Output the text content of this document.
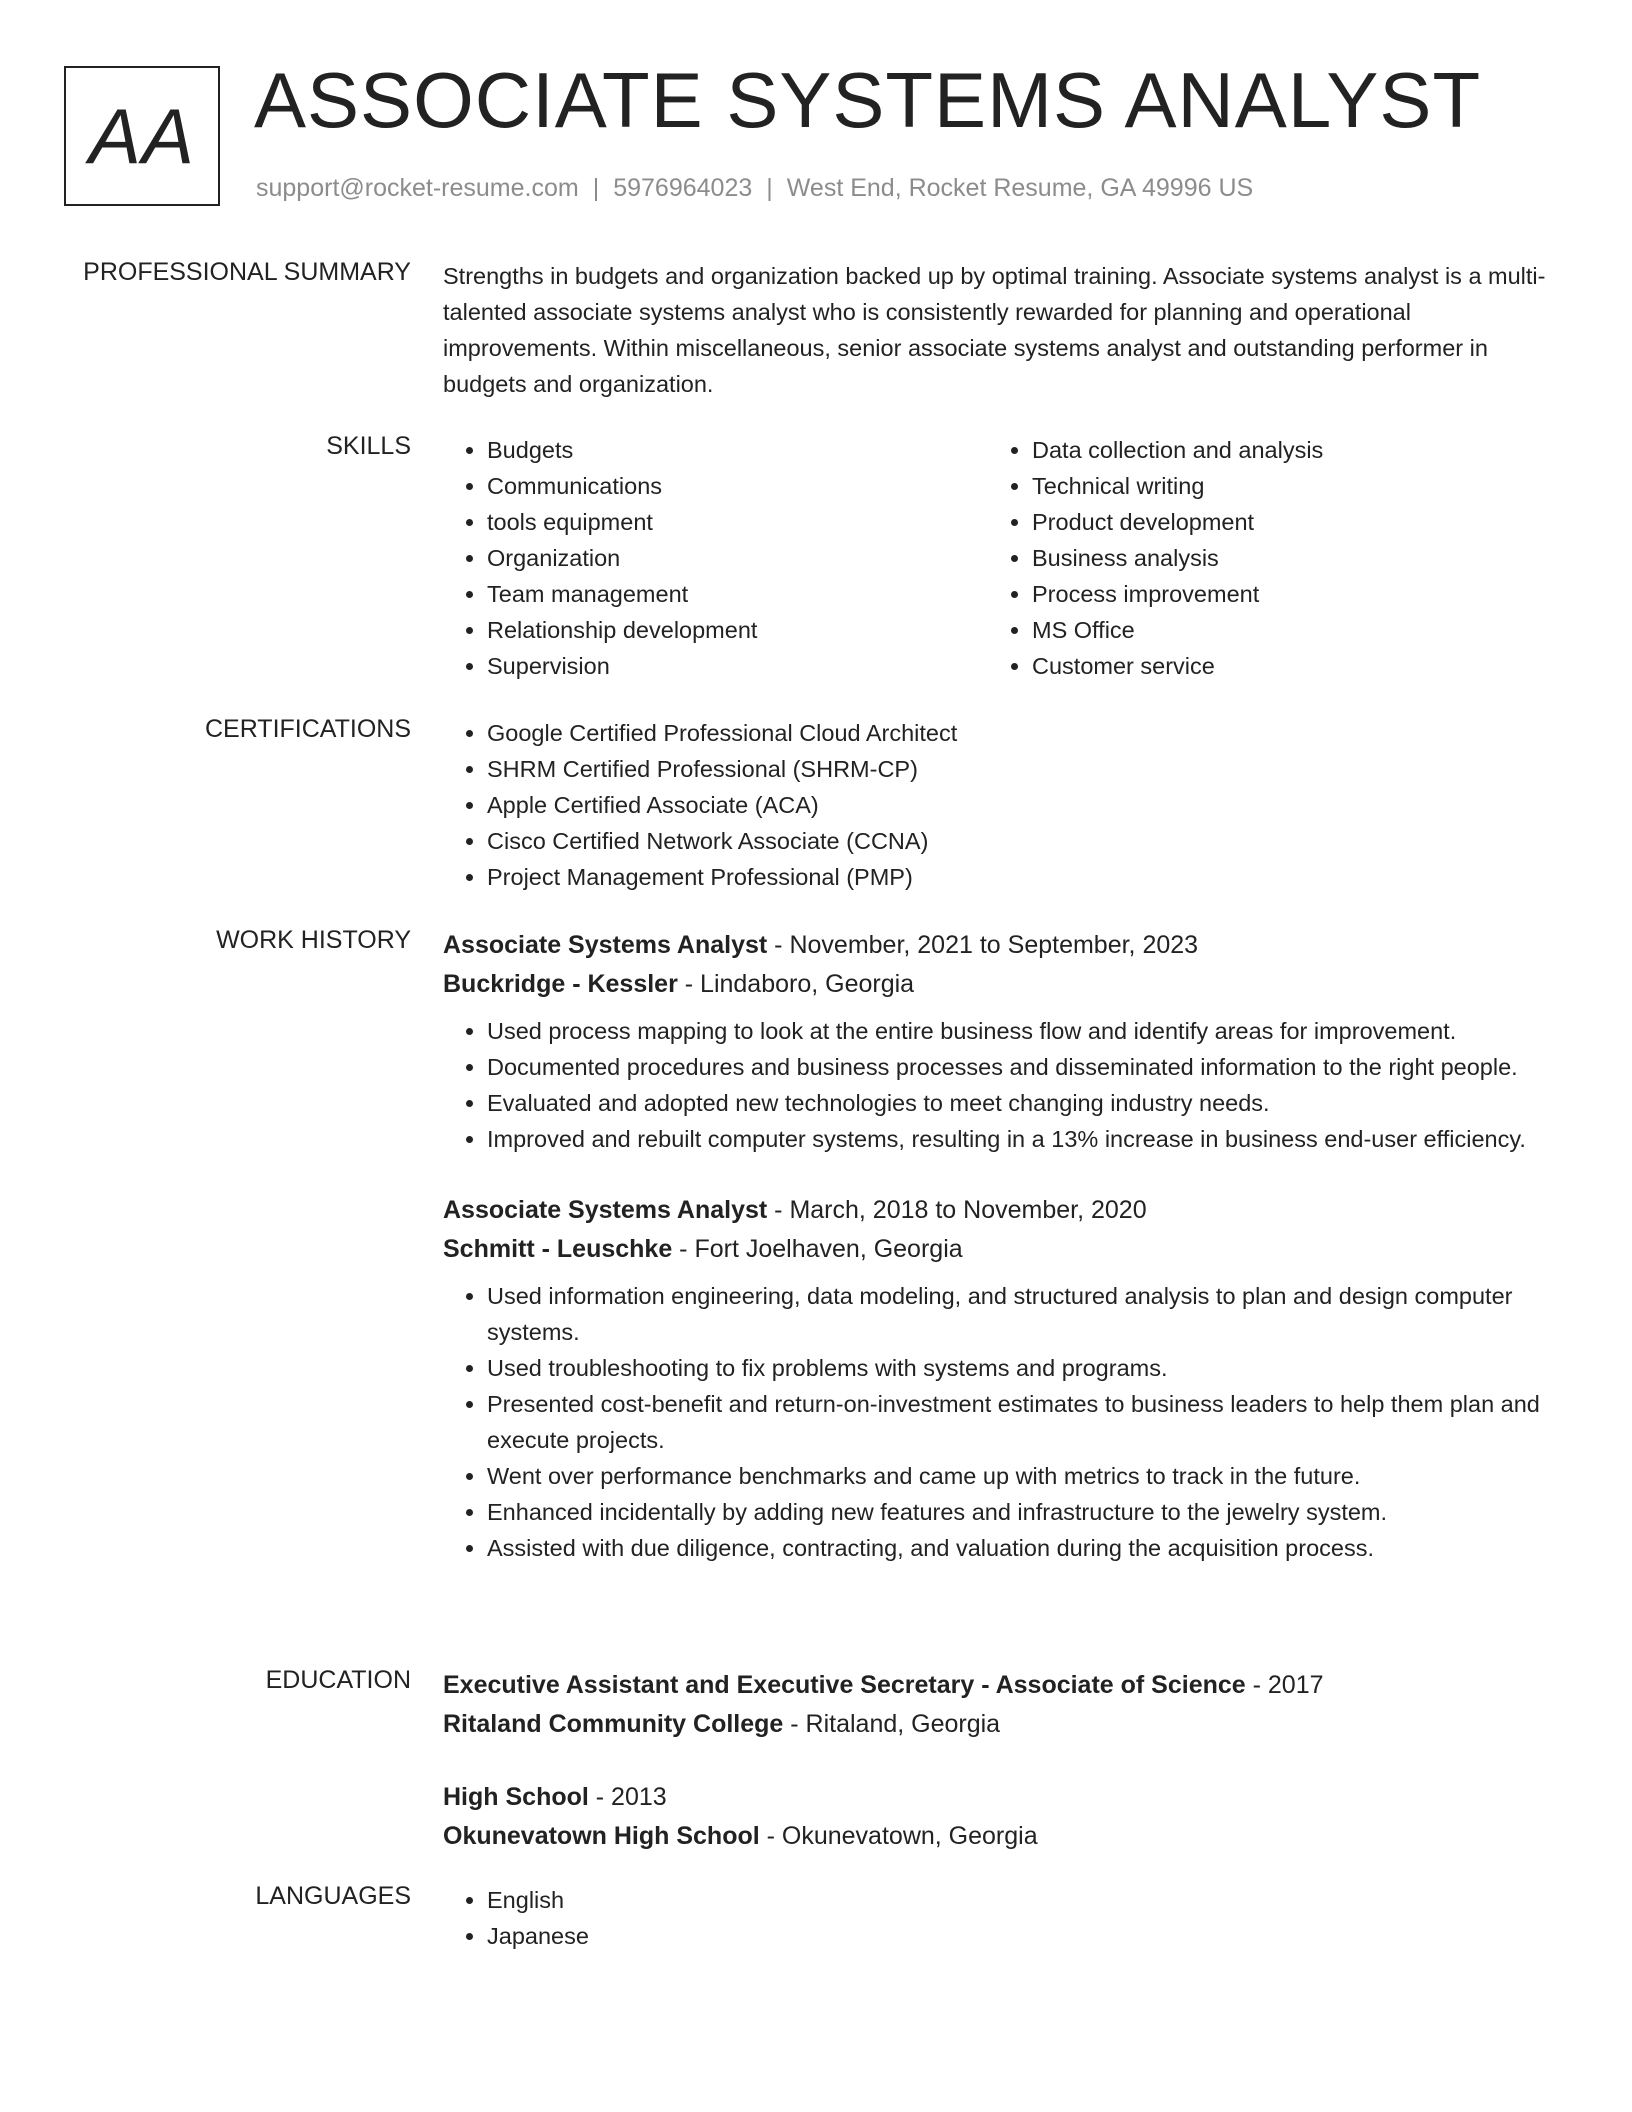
AA ASSOCIATE SYSTEMS ANALYST
support@rocket-resume.com | 5976964023 | West End, Rocket Resume, GA 49996 US
PROFESSIONAL SUMMARY Strengths in budgets and organization backed up by optimal training. Associate systems analyst is a multi-talented associate systems analyst who is consistently rewarded for planning and operational improvements. Within miscellaneous, senior associate systems analyst and outstanding performer in budgets and organization.

SKILLS	• Budgets
• Communications
• tools equipment
• Organization
• Team management
• Relationship development
• Supervision
• Data collection and analysis
• Technical writing
• Product development
• Business analysis
• Process improvement
• MS Office
• Customer service
CERTIFICATIONS	• Google Certified Professional Cloud Architect
• SHRM Certified Professional (SHRM-CP)
• Apple Certified Associate (ACA)
• Cisco Certified Network Associate (CCNA)
• Project Management Professional (PMP)
WORK HISTORY Associate Systems Analyst - November, 2021 to September, 2023
Buckridge - Kessler - Lindaboro, Georgia
• Used process mapping to look at the entire business flow and identify areas for improvement.
• Documented procedures and business processes and disseminated information to the right people.
• Evaluated and adopted new technologies to meet changing industry needs.
• Improved and rebuilt computer systems, resulting in a 13% increase in business end-user efficiency.
Associate Systems Analyst - March, 2018 to November, 2020
Schmitt - Leuschke - Fort Joelhaven, Georgia
• Used information engineering, data modeling, and structured analysis to plan and design computer systems.
• Used troubleshooting to fix problems with systems and programs.
• Presented cost-benefit and return-on-investment estimates to business leaders to help them plan and execute projects.
• Went over performance benchmarks and came up with metrics to track in the future.
• Enhanced incidentally by adding new features and infrastructure to the jewelry system.
• Assisted with due diligence, contracting, and valuation during the acquisition process.
EDUCATION Executive Assistant and Executive Secretary - Associate of Science - 2017
Ritaland Community College - Ritaland, Georgia
High School - 2013
Okunevatown High School - Okunevatown, Georgia
LANGUAGES	• English
• Japanese
